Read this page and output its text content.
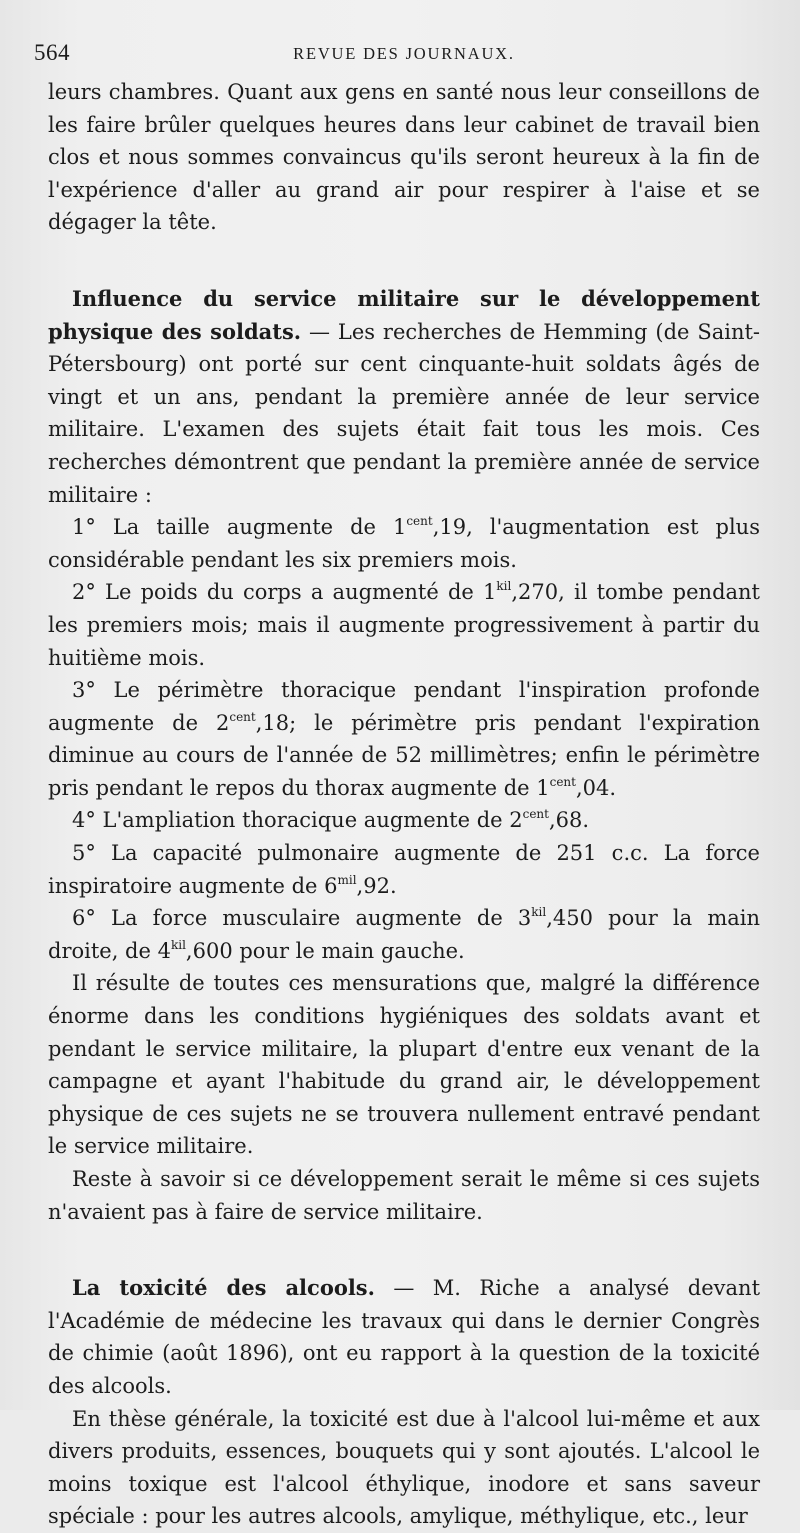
564	REVUE DES JOURNAUX.

leurs chambres. Quant aux gens en santé nous leur conseillons de les faire brûler quelques heures dans leur cabinet de travail bien clos et nous sommes convaincus qu'ils seront heureux à la fin de l'expérience d'aller au grand air pour respirer à l'aise et se dégager la tête.

Influence du service militaire sur le développement physique des soldats. — Les recherches de Hemming (de Saint-Pétersbourg) ont porté sur cent cinquante-huit soldats âgés de vingt et un ans, pendant la première année de leur service militaire. L'examen des sujets était fait tous les mois. Ces recherches démontrent que pendant la première année de service militaire :

1° La taille augmente de $1^{cent},19$, l'augmentation est plus considérable pendant les six premiers mois.

2° Le poids du corps a augmenté de $1^{kil},270$, il tombe pendant les premiers mois; mais il augmente progressivement à partir du huitième mois.

3° Le périmètre thoracique pendant l'inspiration profonde augmente de $2^{cent},18$; le périmètre pris pendant l'expiration diminue au cours de l'année de 52 millimètres; enfin le périmètre pris pendant le repos du thorax augmente de $1^{cent},04$.

4° L'ampliation thoracique augmente de $2^{cent},68$.

5° La capacité pulmonaire augmente de 251 c.c. La force inspiratoire augmente de $6^{mil},92$.

6° La force musculaire augmente de $3^{kil},450$ pour la main droite, de $4^{kil},600$ pour le main gauche.

Il résulte de toutes ces mensurations que, malgré la différence énorme dans les conditions hygiéniques des soldats avant et pendant le service militaire, la plupart d'entre eux venant de la campagne et ayant l'habitude du grand air, le développement physique de ces sujets ne se trouvera nullement entravé pendant le service militaire.

Reste à savoir si ce développement serait le même si ces sujets n'avaient pas à faire de service militaire.

La toxicité des alcools. — M. Riche a analysé devant l'Académie de médecine les travaux qui dans le dernier Congrès de chimie (août 1896), ont eu rapport à la question de la toxicité des alcools.

En thèse générale, la toxicité est due à l'alcool lui-même et aux divers produits, essences, bouquets qui y sont ajoutés. L'alcool le moins toxique est l'alcool éthylique, inodore et sans saveur spéciale : pour les autres alcools, amylique, méthylique, etc., leur
